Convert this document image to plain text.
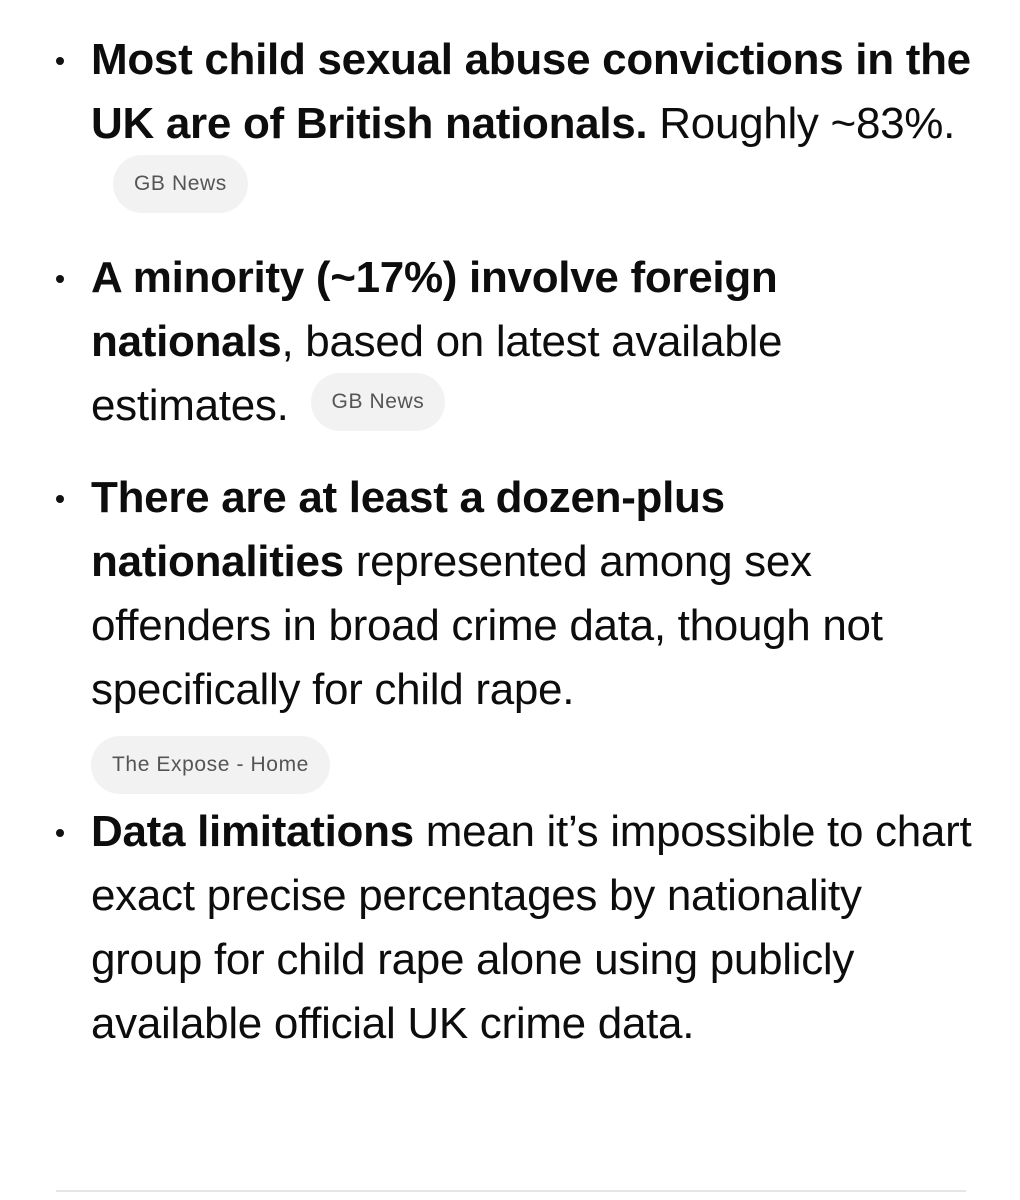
Most child sexual abuse convictions in the UK are of British nationals. Roughly ~83%.GB News
A minority (~17%) involve foreign nationals, based on latest available estimates. GB News
There are at least a dozen-plus nationalities represented among sex offenders in broad crime data, though not specifically for child rape.
The Expose - Home
Data limitations mean it’s impossible to chart exact precise percentages by nationality group for child rape alone using publicly available official UK crime data.
